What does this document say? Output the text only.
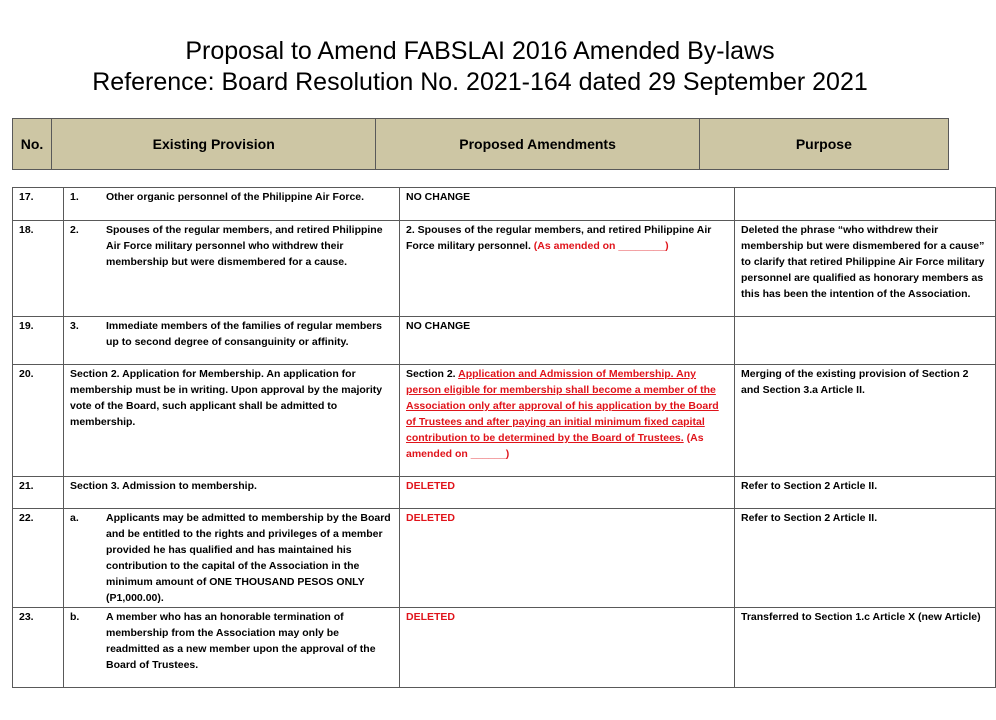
Proposal to Amend FABSLAI 2016 Amended By-laws
Reference: Board Resolution No. 2021-164 dated 29 September 2021
No.	Existing Provision	Proposed Amendments	Purpose
17.	1. Other organic personnel of the Philippine Air Force.	NO CHANGE	
18.	2. Spouses of the regular members, and retired Philippine Air Force military personnel who withdrew their membership but were dismembered for a cause.	2. Spouses of the regular members, and retired Philippine Air Force military personnel. (As amended on ________)	Deleted the phrase “who withdrew their membership but were dismembered for a cause” to clarify that retired Philippine Air Force military personnel are qualified as honorary members as this has been the intention of the Association.
19.	3. Immediate members of the families of regular members up to second degree of consanguinity or affinity.	NO CHANGE	
20.	Section 2. Application for Membership. An application for membership must be in writing. Upon approval by the majority vote of the Board, such applicant shall be admitted to membership.	Section 2. Application and Admission of Membership. Any person eligible for membership shall become a member of the Association only after approval of his application by the Board of Trustees and after paying an initial minimum fixed capital contribution to be determined by the Board of Trustees. (As amended on ______)	Merging of the existing provision of Section 2 and Section 3.a Article II.
21.	Section 3. Admission to membership.	DELETED	Refer to Section 2 Article II.
22.	a. Applicants may be admitted to membership by the Board and be entitled to the rights and privileges of a member provided he has qualified and has maintained his contribution to the capital of the Association in the minimum amount of ONE THOUSAND PESOS ONLY (P1,000.00).	DELETED	Refer to Section 2 Article II.
23.	b. A member who has an honorable termination of membership from the Association may only be readmitted as a new member upon the approval of the Board of Trustees.	DELETED	Transferred to Section 1.c Article X (new Article)
